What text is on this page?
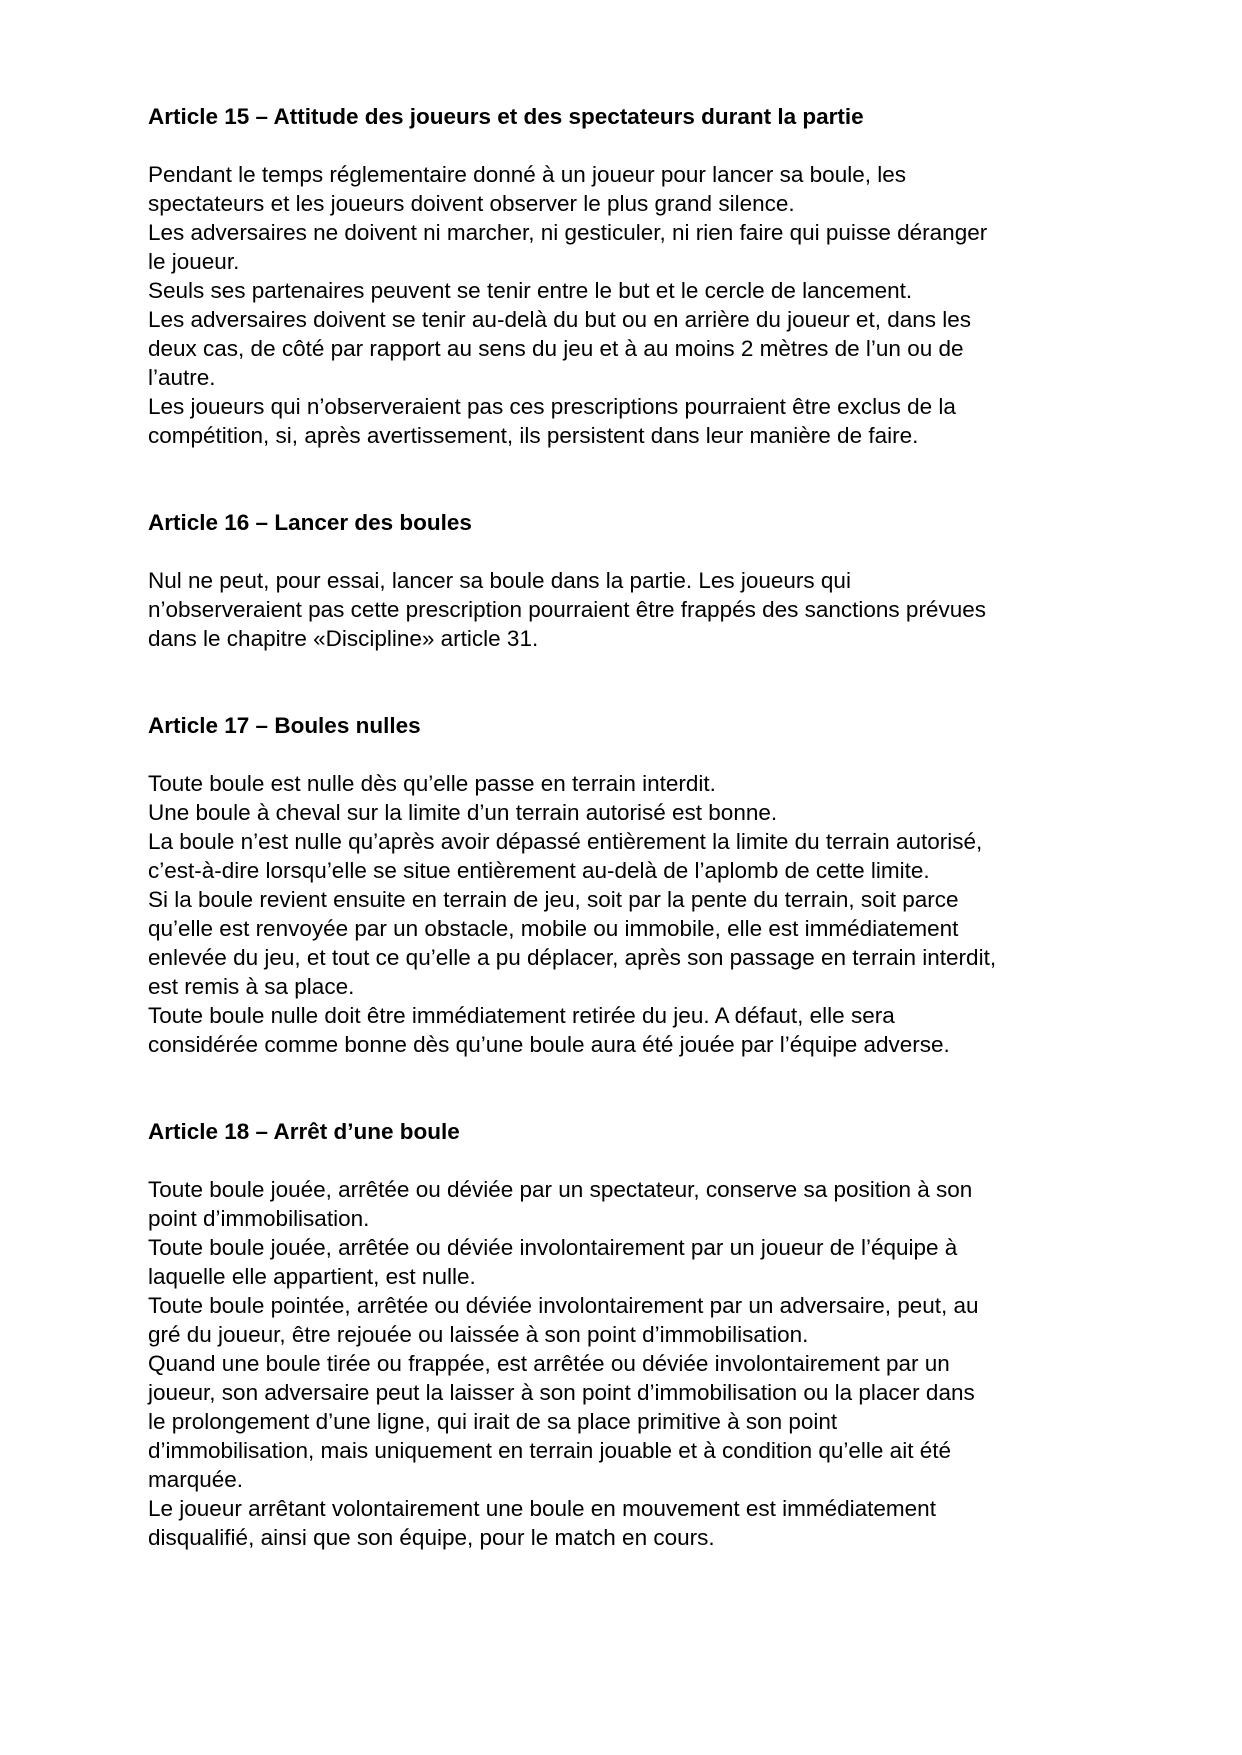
Article 15 – Attitude des joueurs et des spectateurs durant la partie

Pendant le temps réglementaire donné à un joueur pour lancer sa boule, les

spectateurs et les joueurs doivent observer le plus grand silence.

Les adversaires ne doivent ni marcher, ni gesticuler, ni rien faire qui puisse déranger

le joueur.

Seuls ses partenaires peuvent se tenir entre le but et le cercle de lancement.

Les adversaires doivent se tenir au-delà du but ou en arrière du joueur et, dans les

deux cas, de côté par rapport au sens du jeu et à au moins 2 mètres de l’un ou de

l’autre.

Les joueurs qui n’observeraient pas ces prescriptions pourraient être exclus de la

compétition, si, après avertissement, ils persistent dans leur manière de faire.

Article 16 – Lancer des boules

Nul ne peut, pour essai, lancer sa boule dans la partie. Les joueurs qui

n’observeraient pas cette prescription pourraient être frappés des sanctions prévues

dans le chapitre «Discipline» article 31.

Article 17 – Boules nulles

Toute boule est nulle dès qu’elle passe en terrain interdit.

Une boule à cheval sur la limite d’un terrain autorisé est bonne.

La boule n’est nulle qu’après avoir dépassé entièrement la limite du terrain autorisé,

c’est-à-dire lorsqu’elle se situe entièrement au-delà de l’aplomb de cette limite.

Si la boule revient ensuite en terrain de jeu, soit par la pente du terrain, soit parce

qu’elle est renvoyée par un obstacle, mobile ou immobile, elle est immédiatement

enlevée du jeu, et tout ce qu’elle a pu déplacer, après son passage en terrain interdit,

est remis à sa place.

Toute boule nulle doit être immédiatement retirée du jeu. A défaut, elle sera

considérée comme bonne dès qu’une boule aura été jouée par l’équipe adverse.

Article 18 – Arrêt d’une boule

Toute boule jouée, arrêtée ou déviée par un spectateur, conserve sa position à son

point d’immobilisation.

Toute boule jouée, arrêtée ou déviée involontairement par un joueur de l’équipe à

laquelle elle appartient, est nulle.

Toute boule pointée, arrêtée ou déviée involontairement par un adversaire, peut, au

gré du joueur, être rejouée ou laissée à son point d’immobilisation.

Quand une boule tirée ou frappée, est arrêtée ou déviée involontairement par un

joueur, son adversaire peut la laisser à son point d’immobilisation ou la placer dans

le prolongement d’une ligne, qui irait de sa place primitive à son point

d’immobilisation, mais uniquement en terrain jouable et à condition qu’elle ait été

marquée.

Le joueur arrêtant volontairement une boule en mouvement est immédiatement

disqualifié, ainsi que son équipe, pour le match en cours.
